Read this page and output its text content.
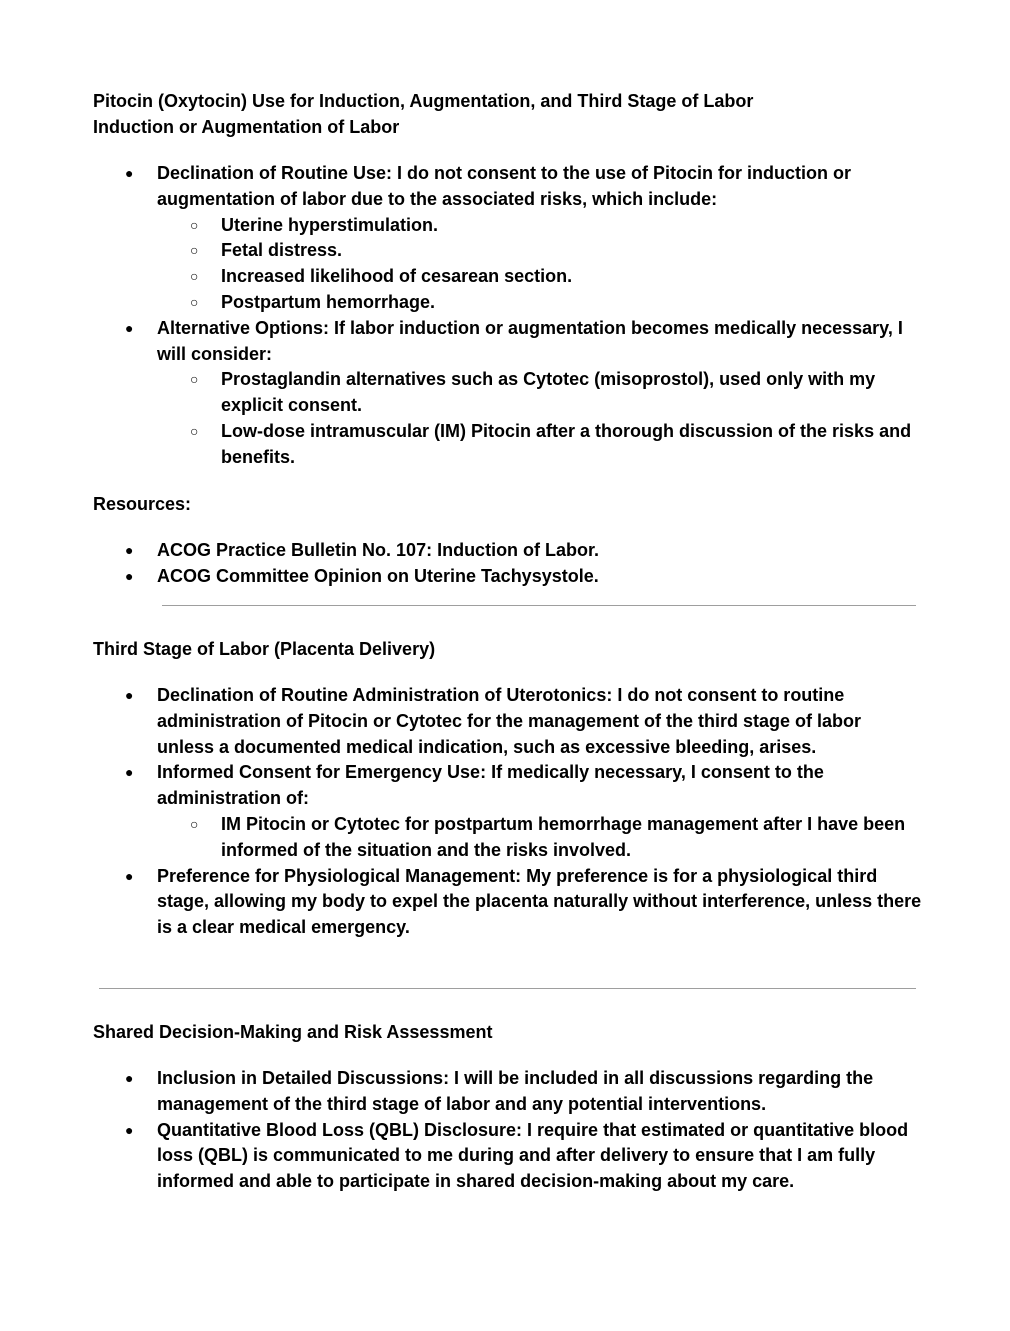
Pitocin (Oxytocin) Use for Induction, Augmentation, and Third Stage of Labor

Induction or Augmentation of Labor

● Declination of Routine Use: I do not consent to the use of Pitocin for induction or augmentation of labor due to the associated risks, which include:
○ Uterine hyperstimulation.
○ Fetal distress.
○ Increased likelihood of cesarean section.
○ Postpartum hemorrhage.
● Alternative Options: If labor induction or augmentation becomes medically necessary, I will consider:
○ Prostaglandin alternatives such as Cytotec (misoprostol), used only with my explicit consent.
○ Low-dose intramuscular (IM) Pitocin after a thorough discussion of the risks and benefits.

Resources:

● ACOG Practice Bulletin No. 107: Induction of Labor.
● ACOG Committee Opinion on Uterine Tachysystole.

Third Stage of Labor (Placenta Delivery)

● Declination of Routine Administration of Uterotonics: I do not consent to routine administration of Pitocin or Cytotec for the management of the third stage of labor unless a documented medical indication, such as excessive bleeding, arises.
● Informed Consent for Emergency Use: If medically necessary, I consent to the administration of:
○ IM Pitocin or Cytotec for postpartum hemorrhage management after I have been informed of the situation and the risks involved.
● Preference for Physiological Management: My preference is for a physiological third stage, allowing my body to expel the placenta naturally without interference, unless there is a clear medical emergency.

Shared Decision-Making and Risk Assessment

● Inclusion in Detailed Discussions: I will be included in all discussions regarding the management of the third stage of labor and any potential interventions.
● Quantitative Blood Loss (QBL) Disclosure: I require that estimated or quantitative blood loss (QBL) is communicated to me during and after delivery to ensure that I am fully informed and able to participate in shared decision-making about my care.
